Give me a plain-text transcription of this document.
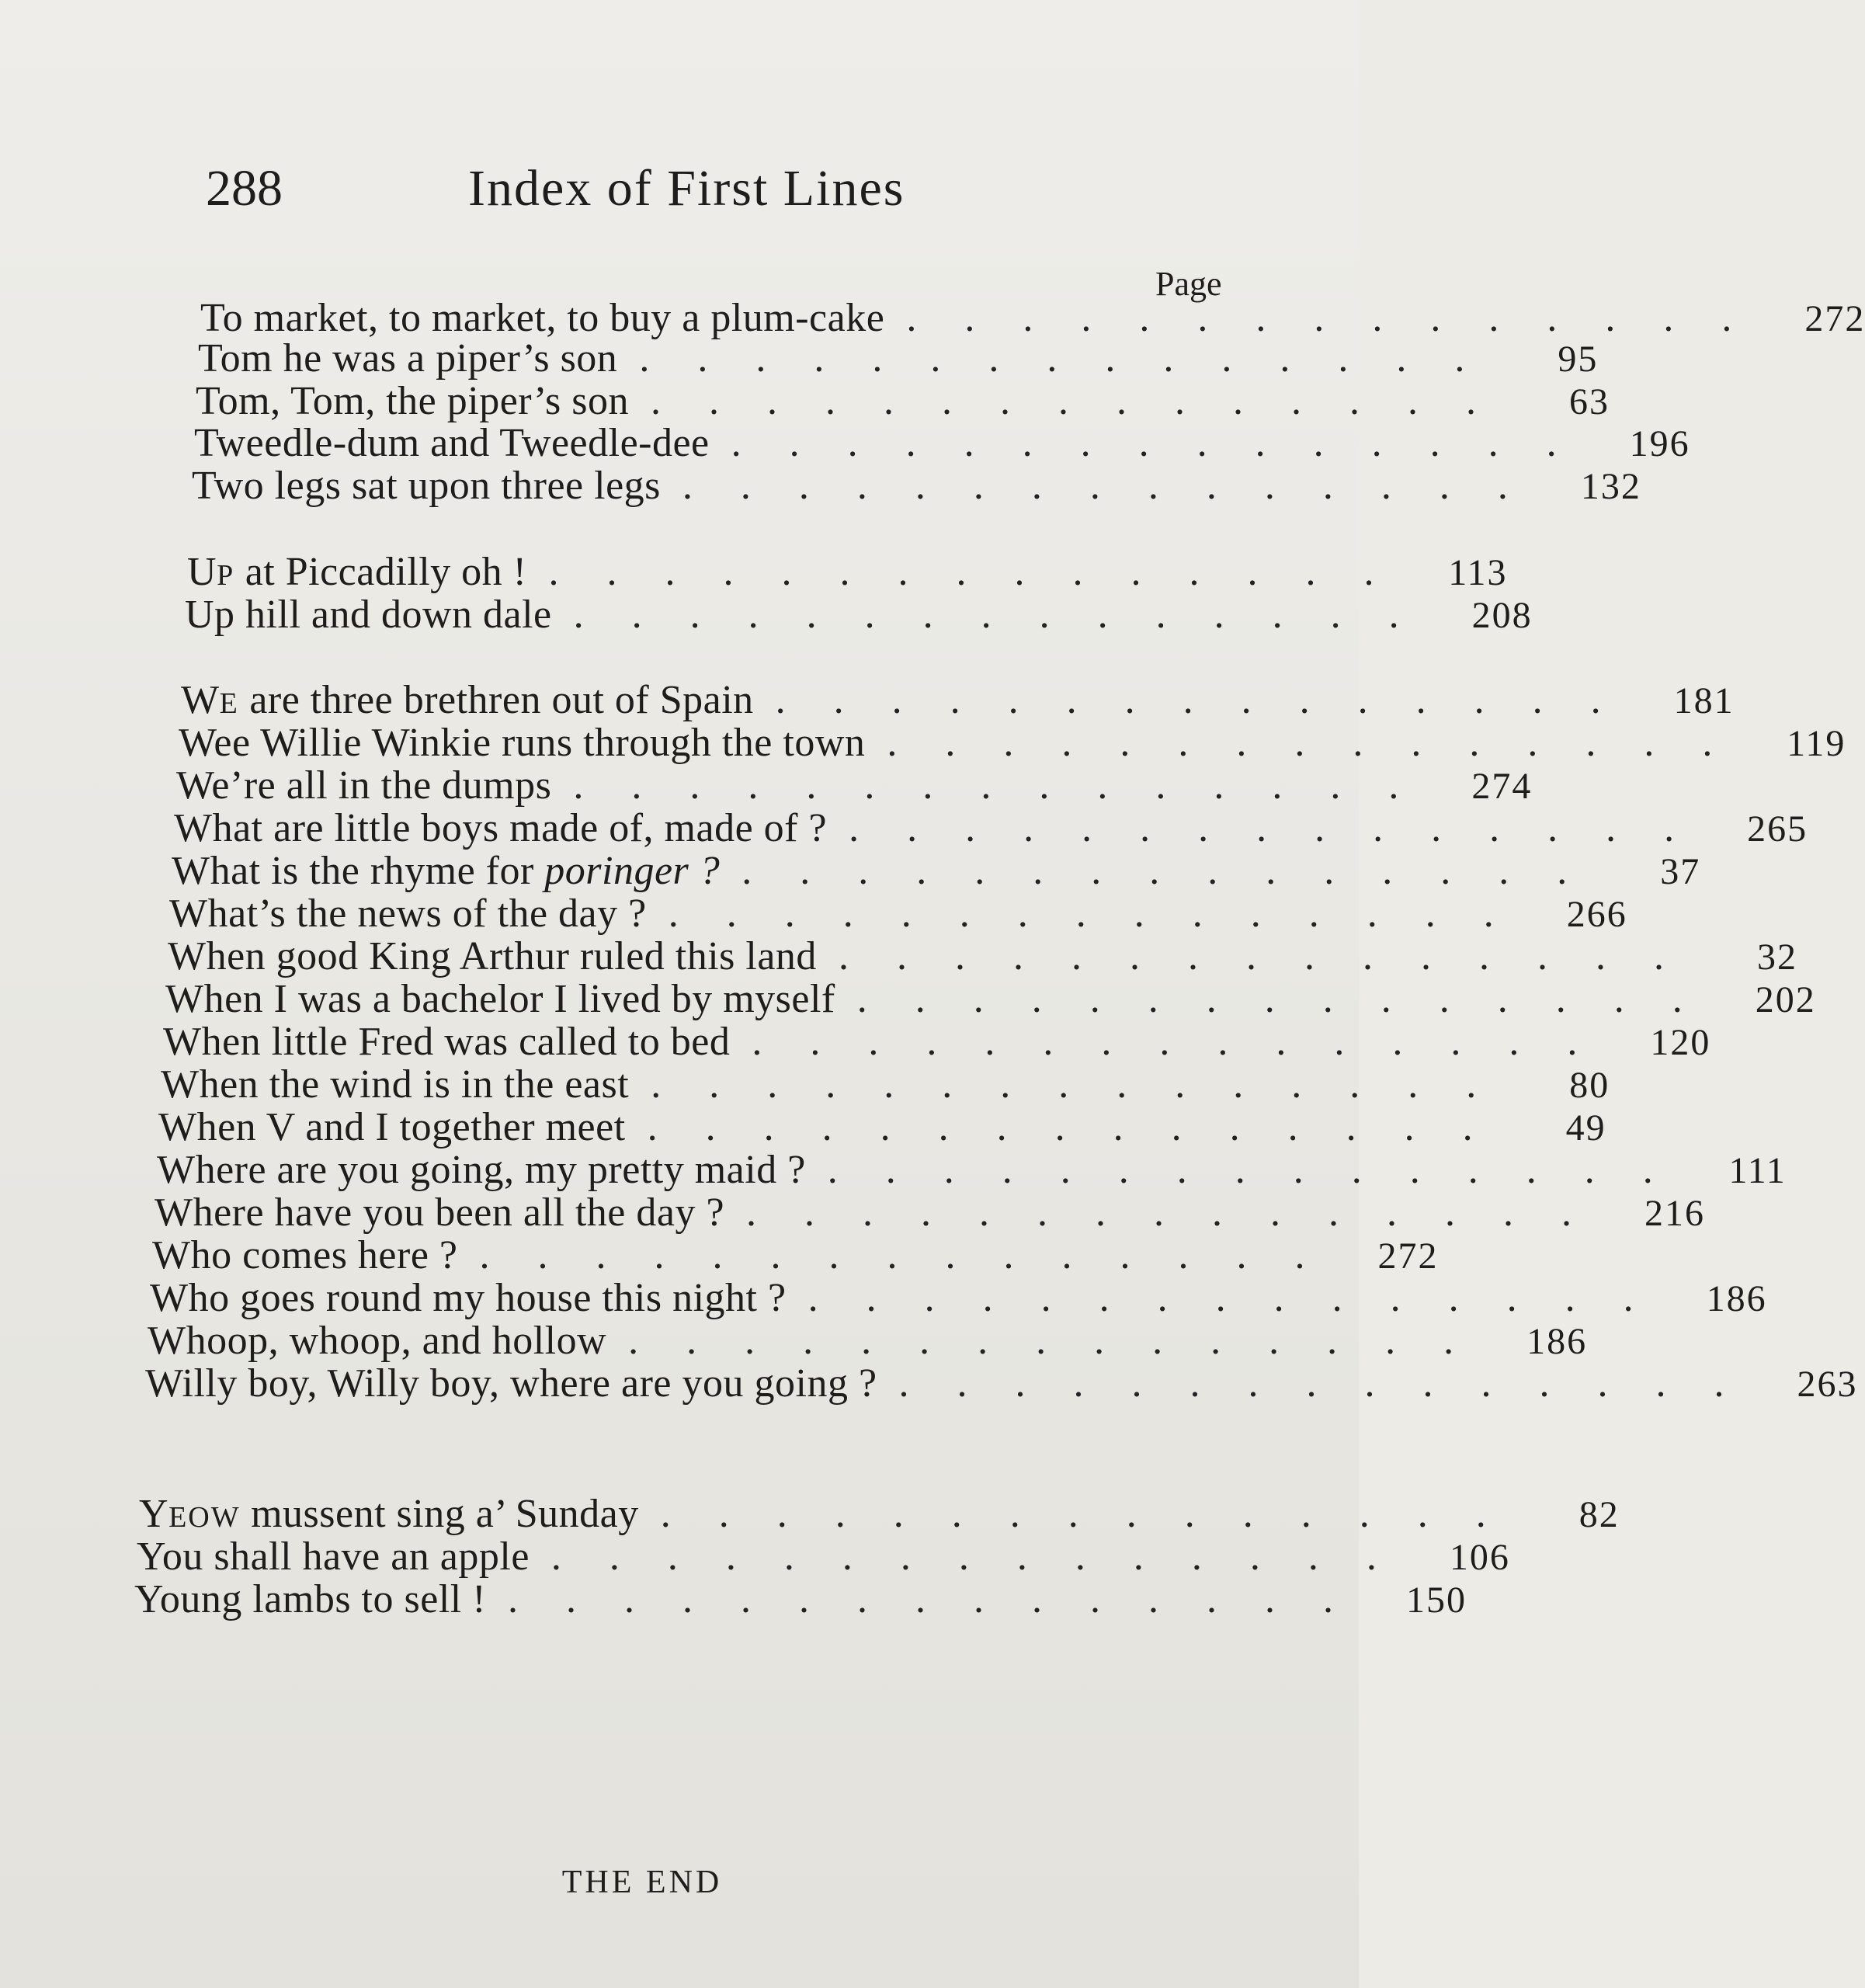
288	Index of First Lines
Page
To market, to market, to buy a plum-cake ............... 272
Tom he was a piper’s son ...............	95
Tom, Tom, the piper’s son ...............	63
Tweedle-dum and Tweedle-dee ............... 196
Two legs sat upon three legs ............... 132
UP at Piccadilly oh ! ............... 113
Up hill and down dale ............... 208
WE are three brethren out of Spain ............... 181
Wee Willie Winkie runs through the town ............... 119
We’re all in the dumps ............... 274
What are little boys made of, made of ? ............... 265
What is the rhyme for poringer ? ...............	37
What’s the news of the day ? ............... 266
When good King Arthur ruled this land ...............	32
When I was a bachelor I lived by myself ............... 202
When little Fred was called to bed ............... 120
When the wind is in the east ...............	80
When V and I together meet ...............	49
Where are you going, my pretty maid ? ............... 111
Where have you been all the day ? ............... 216
Who comes here ? ............... 272
Who goes round my house this night ? ............... 186
Whoop, whoop, and hollow ............... 186
Willy boy, Willy boy, where are you going ? ............... 263
YEOW mussent sing a’ Sunday ...............	82
You shall have an apple ............... 106
Young lambs to sell ! ............... 150
THE END
